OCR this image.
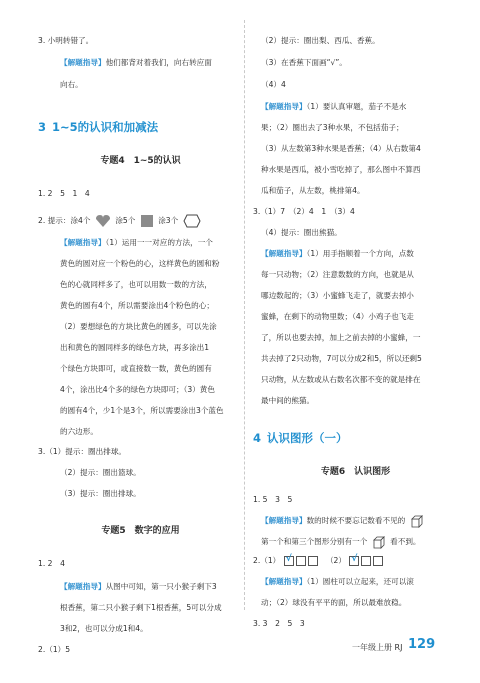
3. 小明转错了。
【解题指导】他们都背对着我们，向右转应面
向右。
3 1~5的认识和加减法
专题4　1~5的认识
1. 2　5　1　4
2. 提示：涂4个	涂5个	涂3个
【解题指导】（1）运用一一对应的方法，一个
黄色的圆对应一个粉色的心，这样黄色的圆和粉
色的心就同样多了，也可以用数一数的方法，
黄色的圆有4个，所以需要涂出4个粉色的心；
（2）要想绿色的方块比黄色的圆多，可以先涂
出和黄色的圆同样多的绿色方块，再多涂出1
个绿色方块即可，或直接数一数，黄色的圆有
4个，涂出比4个多的绿色方块即可；（3）黄色
的圆有4个，少1个是3个，所以需要涂出3个蓝色
的六边形。
3.（1）提示：圈出排球。
（2）提示：圈出篮球。
（3）提示：圈出排球。
专题5　数字的应用
1. 2　4
【解题指导】从图中可知，第一只小猴子剩下3
根香蕉，第二只小猴子剩下1根香蕉，5可以分成
3和2，也可以分成1和4。
2.（1）5
（2）提示：圈出梨、西瓜、香蕉。
（3）在香蕉下面画“√”。
（4）4
【解题指导】（1）要认真审题，茄子不是水
果；（2）圈出去了3种水果，不包括茄子；
（3）从左数第3种水果是香蕉；（4）从右数第4
种水果是西瓜，被小雪吃掉了，那么图中不算西
瓜和茄子，从左数，桃排第4。
3.（1）7　（2）4　1　（3）4
（4）提示：圈出熊猫。
【解题指导】（1）用手指顺着一个方向，点数
每一只动物；（2）注意数数的方向，也就是从
哪边数起的；（3）小蜜蜂飞走了，就要去掉小
蜜蜂，在剩下的动物里数；（4）小鸡子也飞走
了，所以也要去掉，加上之前去掉的小蜜蜂，一
共去掉了2只动物，7可以分成2和5，所以还剩5
只动物，从左数或从右数名次都不变的就是排在
最中间的熊猫。
4 认识图形（一）
专题6　认识图形
1. 5　3　5
【解题指导】数的时候不要忘记数看不见的
第一个和第三个图形分别有一个	看不到。
2.（1） √	（2） √
【解题指导】（1）圆柱可以立起来，还可以滚
动；（2）球没有平平的面，所以最难放稳。
3. 3　2　5　3
一年级上册 RJ 129
